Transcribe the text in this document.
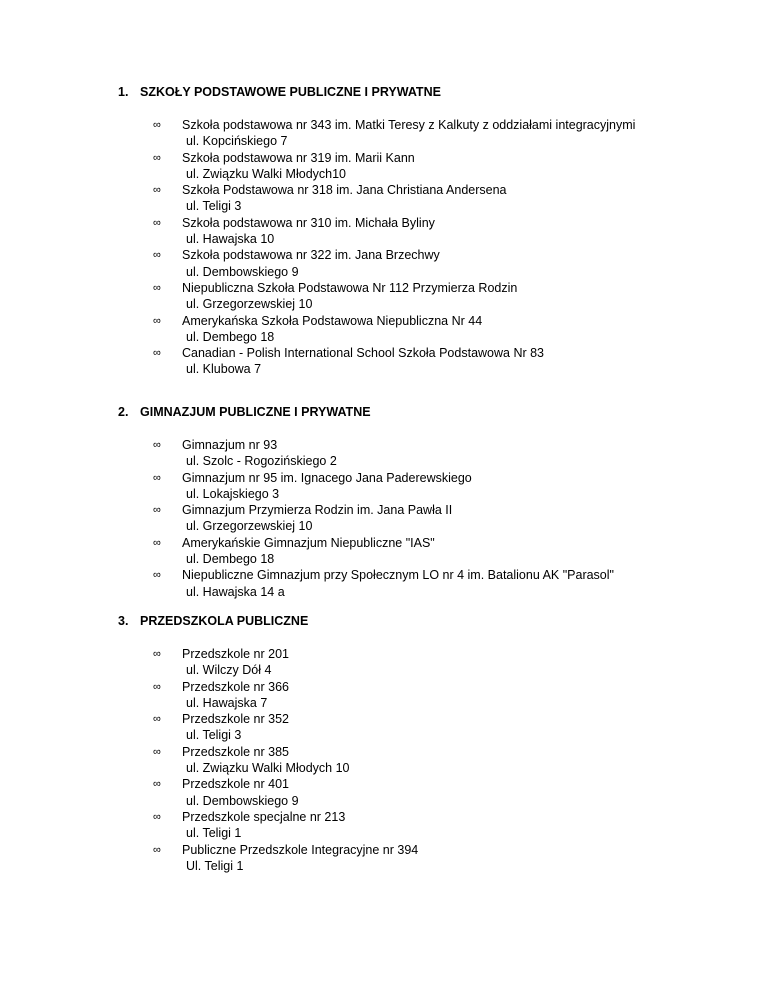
1. SZKOŁY PODSTAWOWE PUBLICZNE I PRYWATNE
∞ Szkoła podstawowa nr 343 im. Matki Teresy z Kalkuty z oddziałami integracyjnymi
ul. Kopcińskiego 7
∞ Szkoła podstawowa nr 319 im. Marii Kann
ul. Związku Walki Młodych10
∞ Szkoła Podstawowa nr 318 im. Jana Christiana Andersena
ul. Teligi 3
∞ Szkoła podstawowa nr 310 im. Michała Byliny
ul. Hawajska 10
∞ Szkoła podstawowa nr 322 im. Jana Brzechwy
ul. Dembowskiego 9
∞ Niepubliczna Szkoła Podstawowa Nr 112 Przymierza Rodzin
ul. Grzegorzewskiej 10
∞ Amerykańska Szkoła Podstawowa Niepubliczna Nr 44
ul. Dembego 18
∞ Canadian - Polish International School Szkoła Podstawowa Nr 83
ul. Klubowa 7
2. GIMNAZJUM PUBLICZNE I PRYWATNE
∞ Gimnazjum nr 93
ul. Szolc - Rogozińskiego 2
∞ Gimnazjum nr 95 im. Ignacego Jana Paderewskiego
ul. Lokajskiego 3
∞ Gimnazjum Przymierza Rodzin im. Jana Pawła II
ul. Grzegorzewskiej 10
∞ Amerykańskie Gimnazjum Niepubliczne "IAS"
ul. Dembego 18
∞ Niepubliczne Gimnazjum przy Społecznym LO nr 4 im. Batalionu AK "Parasol"
ul. Hawajska 14 a
3. PRZEDSZKOLA PUBLICZNE
∞ Przedszkole nr 201
ul. Wilczy Dół 4
∞ Przedszkole nr 366
ul. Hawajska 7
∞ Przedszkole nr 352
ul. Teligi 3
∞ Przedszkole nr 385
ul. Związku Walki Młodych 10
∞ Przedszkole nr 401
ul. Dembowskiego 9
∞ Przedszkole specjalne nr 213
ul. Teligi 1
∞ Publiczne Przedszkole Integracyjne nr 394
Ul. Teligi 1
